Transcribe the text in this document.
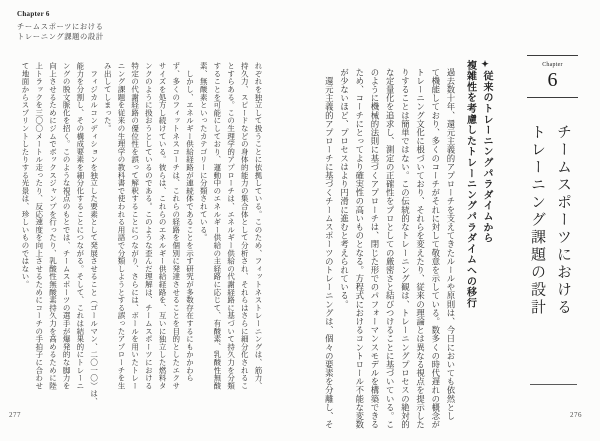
Chapter 6
チームスポーツにおける
トレーニング課題の設計
れぞれを独立して扱うことに依拠している。このため、フィットネストレーニングは、筋力、
持久力、スピードなどの身体的能力の集合体として分析され、それらはさらに細分化されるこ
とすらある。この生理学的アプローチは、エネルギー供給の代謝経路に基づいて持久力を分類
することを可能にしており、運動中のエネルギー供給の主経路に応じて、有酸素、乳酸性無酸
素、無酸素といったカテゴリーに分類されている。
　しかし、エネルギー供給経路が連続体であることを示す研究が多数存在するにもかかわら
ず、多くのフィットネスコーチは、これらの経路を個別に発達させることを目的としたエクサ
サイズを処方し続けている。彼らは、これらのエネルギー供給経路を、互いに独立した燃料タ
ンクのように扱おうとしているのである。このような歪んだ理解は、チームスポーツにおける
特定の代謝経路の優位性を誤って解釈することにつながり、さらには、ボールを用いたトレー
ニング課題を従来の生理学の教科書で使われる用語で分類しようとする誤ったアプローチを生
み出してしまった。
　フィジカルコンディションを独立した要素として発展させること（ゴールマン、二〇一〇）は、
能力を分割し、その構成要素を細分化することにつながる。そして、これは結果的にトレーニ
ングの脱文脈化を招く。このような視点のもとでは、チームスポーツの選手が爆発的な脚力を
向上させるためにジムでボックスジャンプを行ったり、乳酸性無酸素持久力を高めるために陸
上トラックを三〇〇メートル走ったり、反応速度を向上させるためにコーチの手拍子に合わせ
て地面からスプリントしたりする光景は、珍しいものではない。
277
Chapter
6
チームスポーツにおける
トレーニング課題の設計
✦従来のトレーニングパラダイムから
複雑性を考慮したトレーニングパラダイムへの移行
過去数十年、還元主義的アプローチを支えてきたルールや原則は、今日においても依然とし
て機能しており、多くのコーチがそれに対して敬意を示している。数多くの時代遅れの概念が
トレーニング文化に根づいており、それらを変えたり、従来の理論とは異なる視点を提示した
りすることは簡単ではない。この伝統的なトレーニング観は、トレーニングプロセスの絶対的
な定量化を追求し、測定の正確性をプロとしての厳密さと結びつけることに基づいている。こ
のように機械的法則に基づくアプローチは、閉じた形でのパフォーマンスモデルを構築できる
ため、コーチにとってより確実性の高いものとなる。方程式におけるコントロール不能な変数
が少ないほど、プロセスはより円滑に進むと考えられている。
　還元主義的アプローチに基づくチームスポーツのトレーニングは、個々の要素を分離し、そ	276
